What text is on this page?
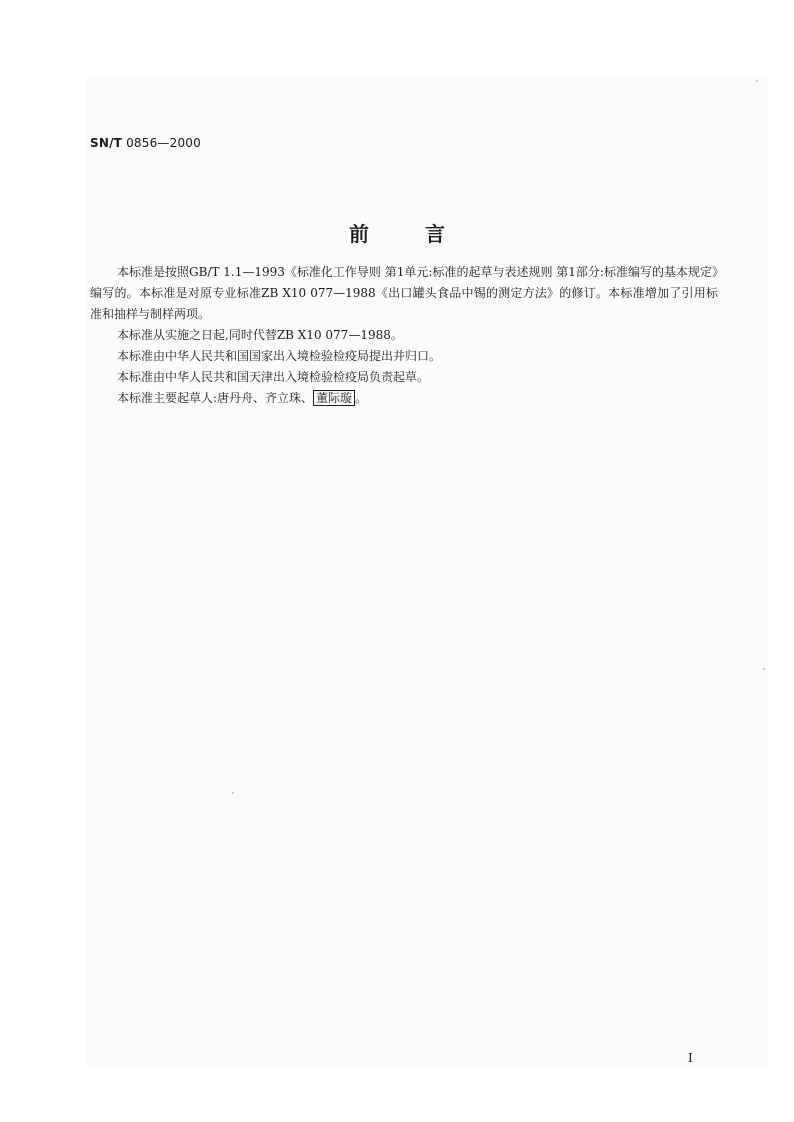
SN/T 0856—2000
前言

本标准是按照GB/T 1.1—1993《标准化工作导则 第1单元:标准的起草与表述规则 第1部分:标准编写的基本规定》编写的。本标准是对原专业标准ZB X10 077—1988《出口罐头食品中锡的测定方法》的修订。本标准增加了引用标准和抽样与制样两项。

本标准从实施之日起,同时代替ZB X10 077—1988。

本标准由中华人民共和国国家出入境检验检疫局提出并归口。

本标准由中华人民共和国天津出入境检验检疫局负责起草。

本标准主要起草人:唐丹舟、齐立珠、 董际璇 。

I
